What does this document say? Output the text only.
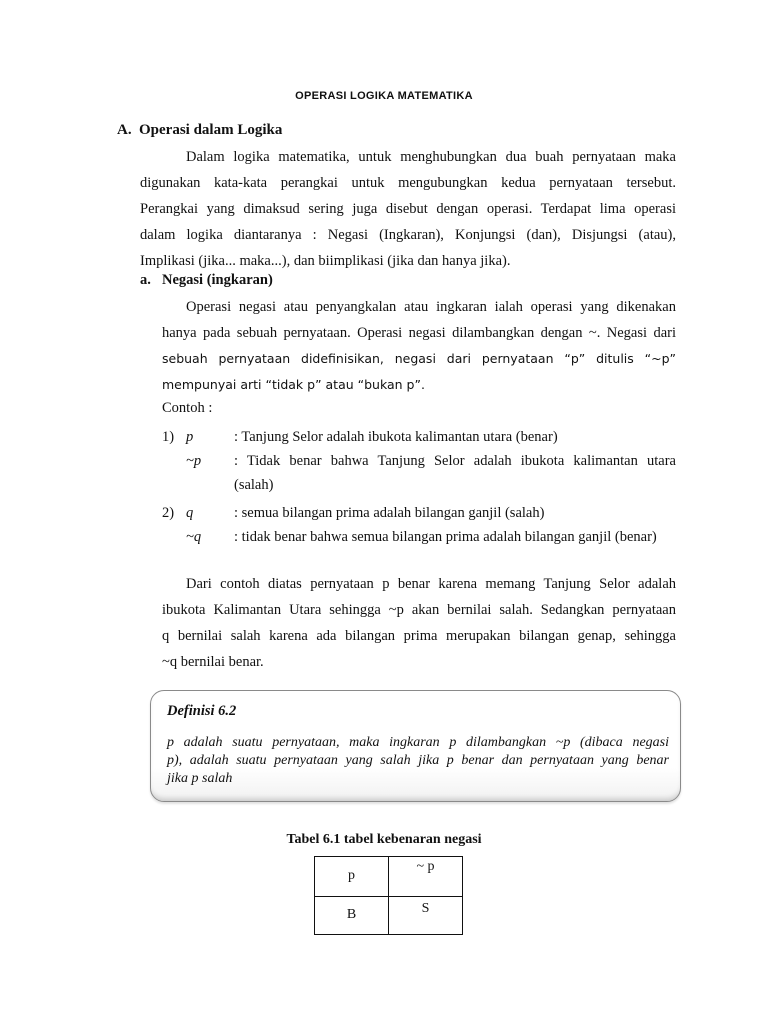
OPERASI LOGIKA MATEMATIKA
A. Operasi dalam Logika
Dalam logika matematika, untuk menghubungkan dua buah pernyataan maka
digunakan kata-kata perangkai untuk mengubungkan kedua pernyataan tersebut.
Perangkai yang dimaksud sering juga disebut dengan operasi. Terdapat lima operasi
dalam logika diantaranya : Negasi (Ingkaran), Konjungsi (dan), Disjungsi (atau),
Implikasi (jika... maka...), dan biimplikasi (jika dan hanya jika).
a. Negasi (ingkaran)
Operasi negasi atau penyangkalan atau ingkaran ialah operasi yang dikenakan
hanya pada sebuah pernyataan. Operasi negasi dilambangkan dengan ~. Negasi dari
sebuah pernyataan didefinisikan, negasi dari pernyataan “p” ditulis “~p”
mempunyai arti “tidak p” atau “bukan p”.
Contoh :
1) p	: Tanjung Selor adalah ibukota kalimantan utara (benar)
~p : Tidak benar bahwa Tanjung Selor adalah ibukota kalimantan utara
(salah)
2) q	: semua bilangan prima adalah bilangan ganjil (salah)
~q : tidak benar bahwa semua bilangan prima adalah bilangan ganjil (benar)
Dari contoh diatas pernyataan p benar karena memang Tanjung Selor adalah
ibukota Kalimantan Utara sehingga ~p akan bernilai salah. Sedangkan pernyataan
q bernilai salah karena ada bilangan prima merupakan bilangan genap, sehingga
~q bernilai benar.
Definisi 6.2
p adalah suatu pernyataan, maka ingkaran p dilambangkan ~p (dibaca negasi
p), adalah suatu pernyataan yang salah jika p benar dan pernyataan yang benar
jika p salah
Tabel 6.1 tabel kebenaran negasi
p	~ p
B	S
